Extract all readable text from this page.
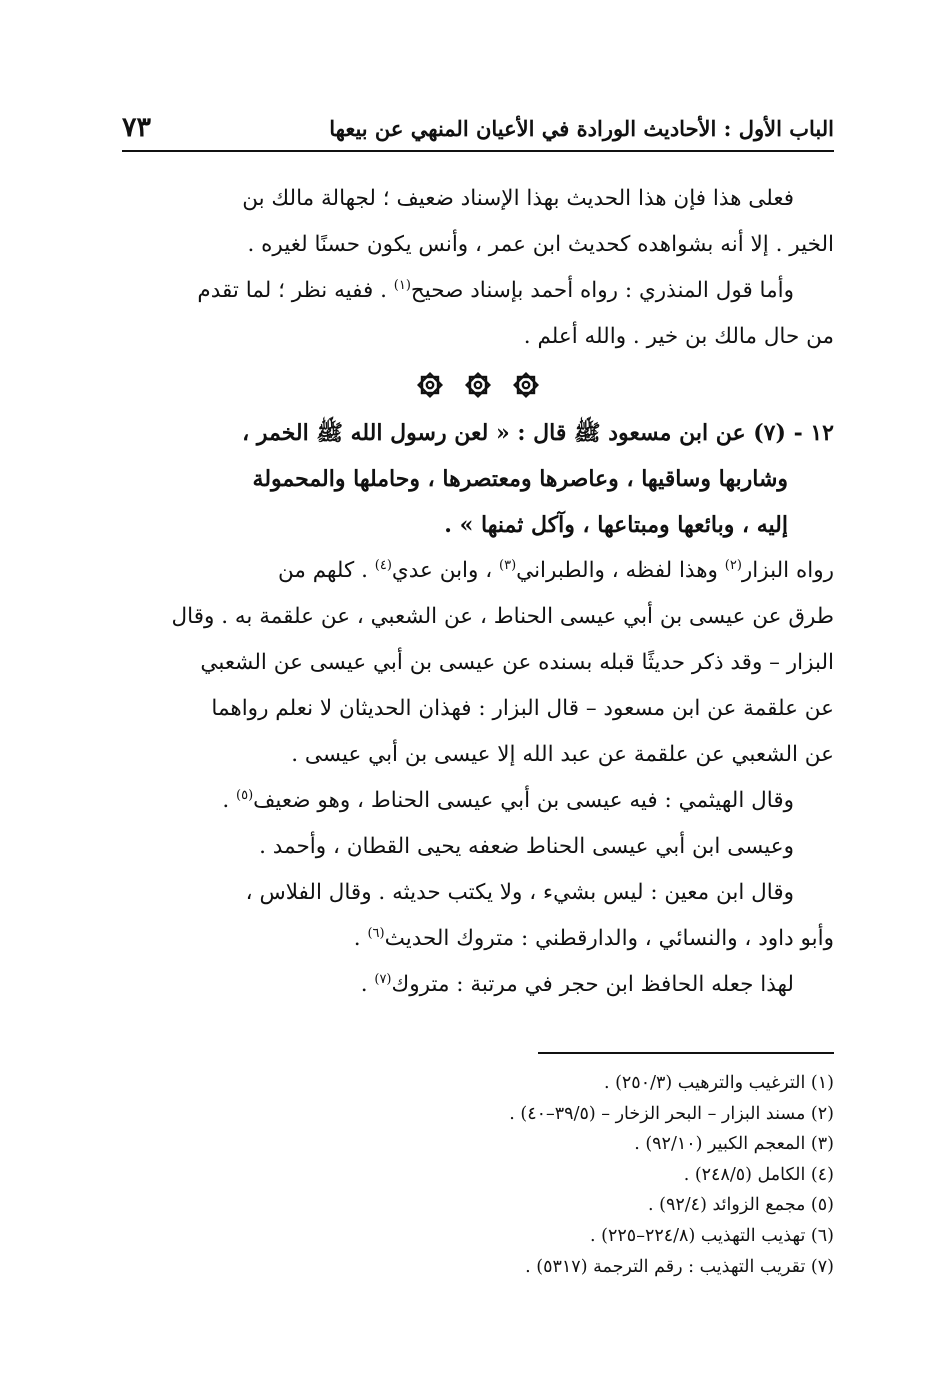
الباب الأول : الأحاديث الورادة في الأعيان المنهي عن بيعها
٧٣
فعلى هذا فإن هذا الحديث بهذا الإسناد ضعيف ؛ لجهالة مالك بن
الخير . إلا أنه بشواهده كحديث ابن عمر ، وأنس يكون حسنًا لغيره .
وأما قول المنذري : رواه أحمد بإسناد صحيح$^{(١)}$ . ففيه نظر ؛ لما تقدم
من حال مالك بن خير . والله أعلم .
١٢ - (٧) عن ابن مسعود ﷺ قال : « لعن رسول الله ﷺ الخمر ،
وشاربها وساقيها ، وعاصرها ومعتصرها ، وحاملها والمحمولة
إليه ، وبائعها ومبتاعها ، وآكل ثمنها » .
رواه البزار$^{(٢)}$ وهذا لفظه ، والطبراني$^{(٣)}$ ، وابن عدي$^{(٤)}$ . كلهم من
طرق عن عيسى بن أبي عيسى الحناط ، عن الشعبي ، عن علقمة به . وقال
البزار – وقد ذكر حديثًا قبله بسنده عن عيسى بن أبي عيسى عن الشعبي
عن علقمة عن ابن مسعود – قال البزار : فهذان الحديثان لا نعلم رواهما
عن الشعبي عن علقمة عن عبد الله إلا عيسى بن أبي عيسى .
وقال الهيثمي : فيه عيسى بن أبي عيسى الحناط ، وهو ضعيف$^{(٥)}$ .
وعيسى ابن أبي عيسى الحناط ضعفه يحيى القطان ، وأحمد .
وقال ابن معين : ليس بشيء ، ولا يكتب حديثه . وقال الفلاس ،
وأبو داود ، والنسائي ، والدارقطني : متروك الحديث$^{(٦)}$ .
لهذا جعله الحافظ ابن حجر في مرتبة : متروك$^{(٧)}$ .
(١) الترغيب والترهيب (٢٥٠/٣) .
(٢) مسند البزار – البحر الزخار – (٣٩/٥–٤٠) .
(٣) المعجم الكبير (٩٢/١٠) .
(٤) الكامل (٢٤٨/٥) .
(٥) مجمع الزوائد (٩٢/٤) .
(٦) تهذيب التهذيب (٢٢٤/٨–٢٢٥) .
(٧) تقريب التهذيب : رقم الترجمة (٥٣١٧) .
